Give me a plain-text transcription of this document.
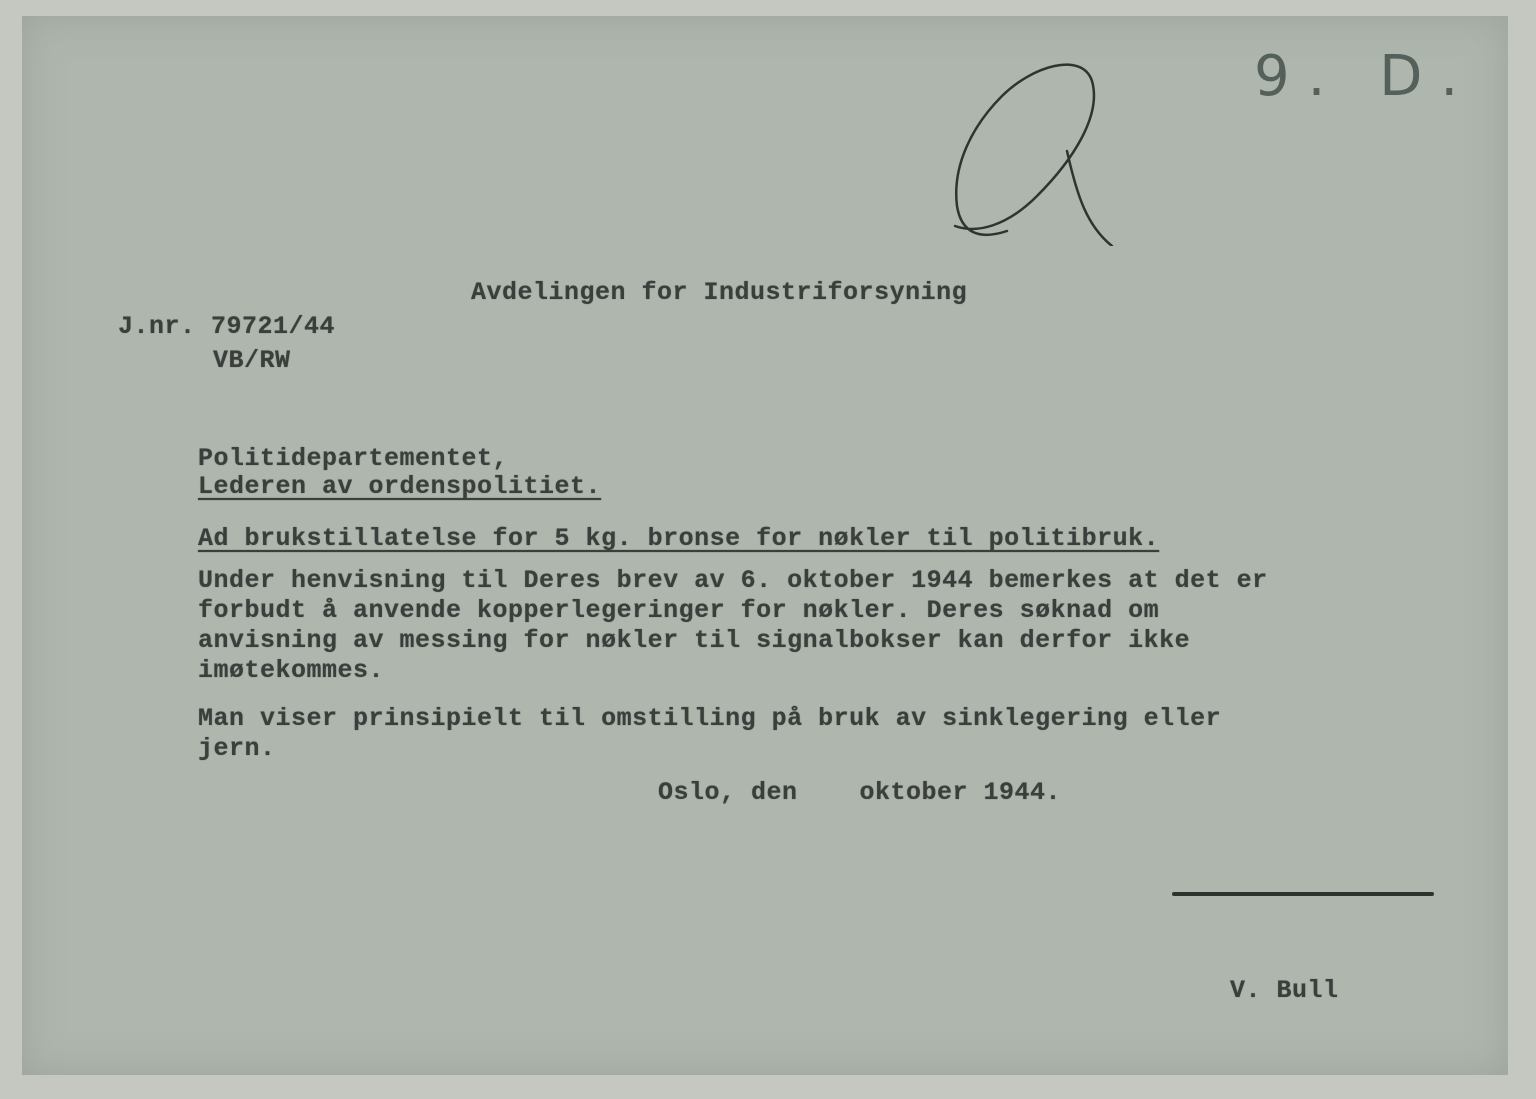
9. D.
Avdelingen for Industriforsyning
J.nr. 79721/44
VB/RW
Politidepartementet,
Lederen av ordenspolitiet.
Ad brukstillatelse for 5 kg. bronse for nøkler til politibruk.
Under henvisning til Deres brev av 6. oktober 1944 bemerkes at det er
forbudt å anvende kopperlegeringer for nøkler. Deres søknad om
anvisning av messing for nøkler til signalbokser kan derfor ikke
imøtekommes.
Man viser prinsipielt til omstilling på bruk av sinklegering eller
jern.
Oslo, den    oktober 1944.
V. Bull
